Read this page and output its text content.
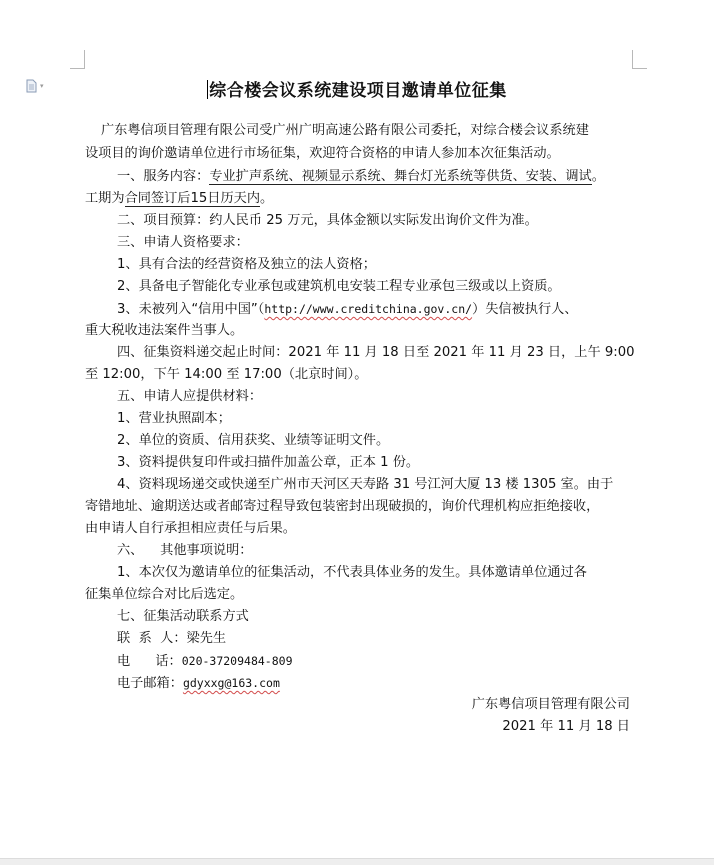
▾	综合楼会议系统建设项目邀请单位征集
广东粤信项目管理有限公司受广州广明高速公路有限公司委托，对综合楼会议系统建
设项目的询价邀请单位进行市场征集，欢迎符合资格的申请人参加本次征集活动。
一、服务内容：专业扩声系统、视频显示系统、舞台灯光系统等供货、安装、调试。
工期为合同签订后15日历天内。
二、项目预算：约人民币 25 万元，具体金额以实际发出询价文件为准。
三、申请人资格要求：
1、具有合法的经营资格及独立的法人资格；
2、具备电子智能化专业承包或建筑机电安装工程专业承包三级或以上资质。
3、未被列入“信用中国”（http://www.creditchina.gov.cn/）失信被执行人、
重大税收违法案件当事人。
四、征集资料递交起止时间：2021 年 11 月 18 日至 2021 年 11 月 23 日，上午 9:00
至 12:00，下午 14:00 至 17:00（北京时间）。
五、申请人应提供材料：
1、营业执照副本；
2、单位的资质、信用获奖、业绩等证明文件。
3、资料提供复印件或扫描件加盖公章，正本 1 份。
4、资料现场递交或快递至广州市天河区天寿路 31 号江河大厦 13 楼 1305 室。由于
寄错地址、逾期送达或者邮寄过程导致包装密封出现破损的，询价代理机构应拒绝接收，
由申请人自行承担相应责任与后果。
六、    其他事项说明：
1、本次仅为邀请单位的征集活动，不代表具体业务的发生。具体邀请单位通过各
征集单位综合对比后选定。
七、征集活动联系方式
联  系  人：梁先生
电      话：020-37209484-809
电子邮箱：gdyxxg@163.com
广东粤信项目管理有限公司
2021 年 11 月 18 日
